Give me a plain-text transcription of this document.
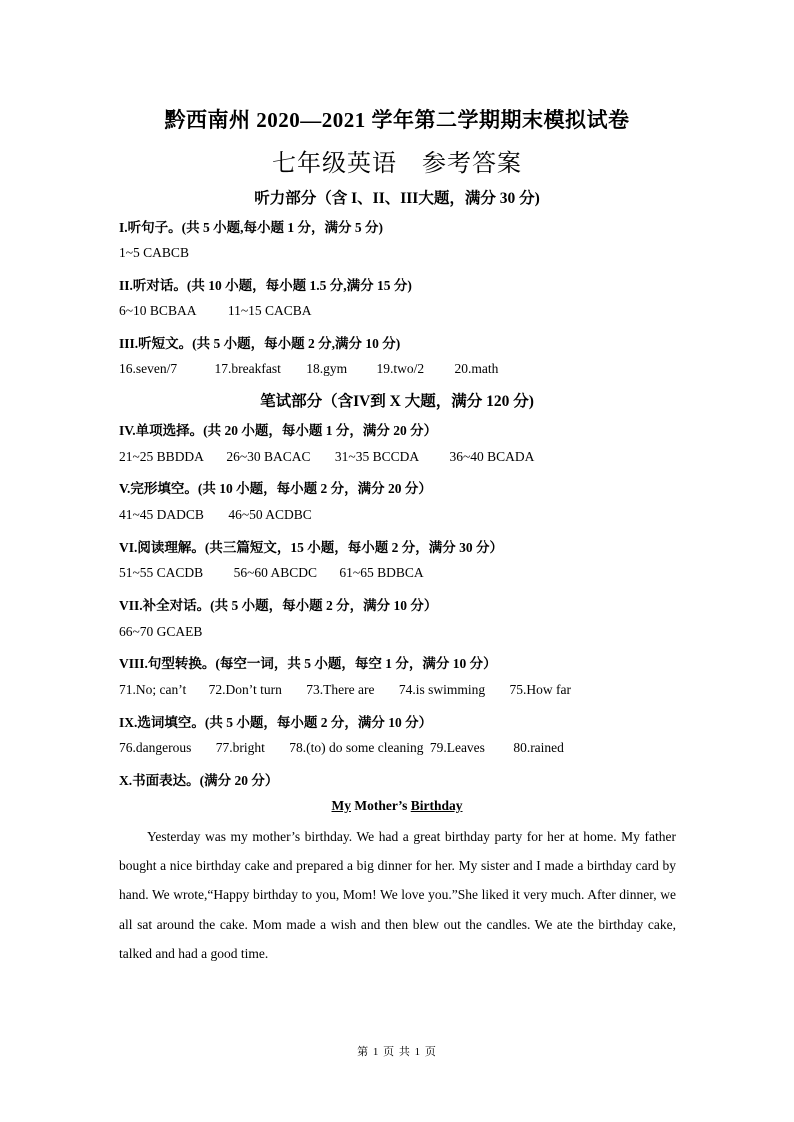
黔西南州 2020—2021 学年第二学期期末模拟试卷
七年级英语　参考答案
听力部分（含 I、II、III大题，满分 30 分)
I.听句子。(共 5 小题,每小题 1 分，满分 5 分)
1~5 CABCB
II.听对话。(共 10 小题，每小题 1.5 分,满分 15 分)
6~10 BCBAA 11~15 CACBA
III.听短文。(共 5 小题，每小题 2 分,满分 10 分)
16.seven/7	17.breakfast 18.gym 19.two/2 20.math
笔试部分（含IV到 X 大题，满分 120 分)
IV.单项选择。(共 20 小题，每小题 1 分，满分 20 分）
21~25 BBDDA 26~30 BACAC 31~35 BCCDA 36~40 BCADA
V.完形填空。(共 10 小题，每小题 2 分，满分 20 分）
41~45 DADCB 46~50 ACDBC
VI.阅读理解。(共三篇短文，15 小题，每小题 2 分，满分 30 分）
51~55 CACDB 56~60 ABCDC 61~65 BDBCA
VII.补全对话。(共 5 小题，每小题 2 分，满分 10 分）
66~70 GCAEB
VIII.句型转换。(每空一词，共 5 小题，每空 1 分，满分 10 分）
71.No; can’t 72.Don’t turn 73.There are 74.is swimming 75.How far
IX.选词填空。(共 5 小题，每小题 2 分，满分 10 分）
76.dangerous 77.bright 78.(to) do some cleaning 79.Leaves 80.rained
X.书面表达。(满分 20 分）
My Mother’s Birthday
Yesterday was my mother’s birthday. We had a great birthday party for her at home. My father bought a nice birthday cake and prepared a big dinner for her. My sister and I made a birthday card by hand. We wrote,“Happy birthday to you, Mom! We love you.”She liked it very much. After dinner, we all sat around the cake. Mom made a wish and then blew out the candles. We ate the birthday cake, talked and had a good time.
第 1 页 共 1 页
